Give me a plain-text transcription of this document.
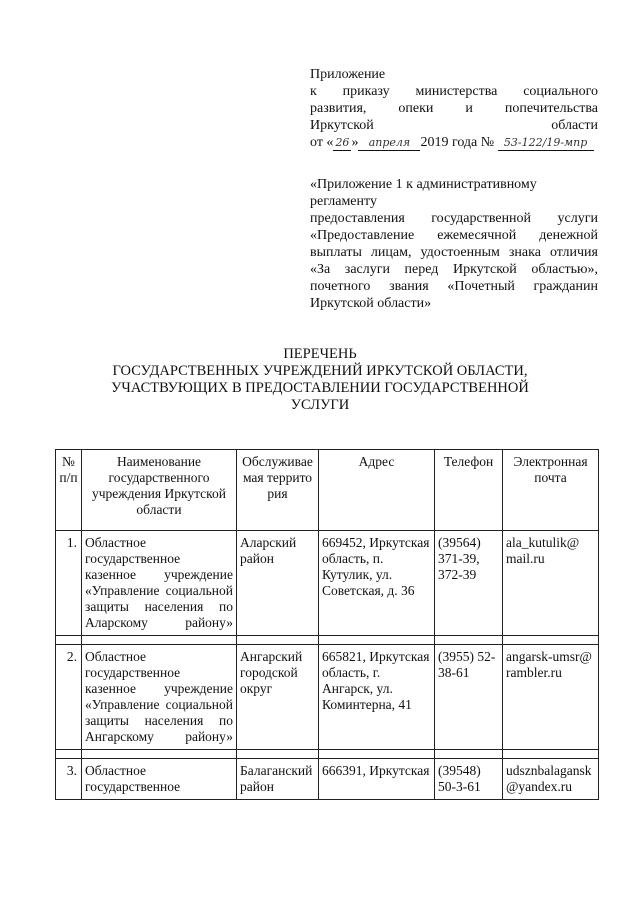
Приложение
к приказу министерства социального
развития, опеки и попечительства
Иркутской области
от « 26 » апреля 2019 года № 53-122/19-мпр
«Приложение 1 к административному регламенту
предоставления государственной услуги
«Предоставление ежемесячной денежной
выплаты лицам, удостоенным знака отличия
«За заслуги перед Иркутской областью»,
почетного звания «Почетный гражданин
Иркутской области»
ПЕРЕЧЕНЬ
ГОСУДАРСТВЕННЫХ УЧРЕЖДЕНИЙ ИРКУТСКОЙ ОБЛАСТИ,
УЧАСТВУЮЩИХ В ПРЕДОСТАВЛЕНИИ ГОСУДАРСТВЕННОЙ
УСЛУГИ
№ п/п	Наименование государственного учреждения Иркутской области	Обслуживае мая террито рия	Адрес	Телефон	Электронная почта
1.	Областное государственное казенное учреждение «Управление социальной защиты населения по Аларскому району»	Аларский район	669452, Иркутская область, п. Кутулик, ул. Советская, д. 36	(39564) 371-39, 372-39	ala_kutulik@ mail.ru

2.	Областное государственное казенное учреждение «Управление социальной защиты населения по Ангарскому району»	Ангарский городской округ	665821, Иркутская область, г. Ангарск, ул. Коминтерна, 41	(3955) 52-38-61	angarsk-umsr@rambler.ru

3.	Областное государственное	Балаганский район	666391, Иркутская	(39548) 50-3-61	udsznbalagansk@yandex.ru
